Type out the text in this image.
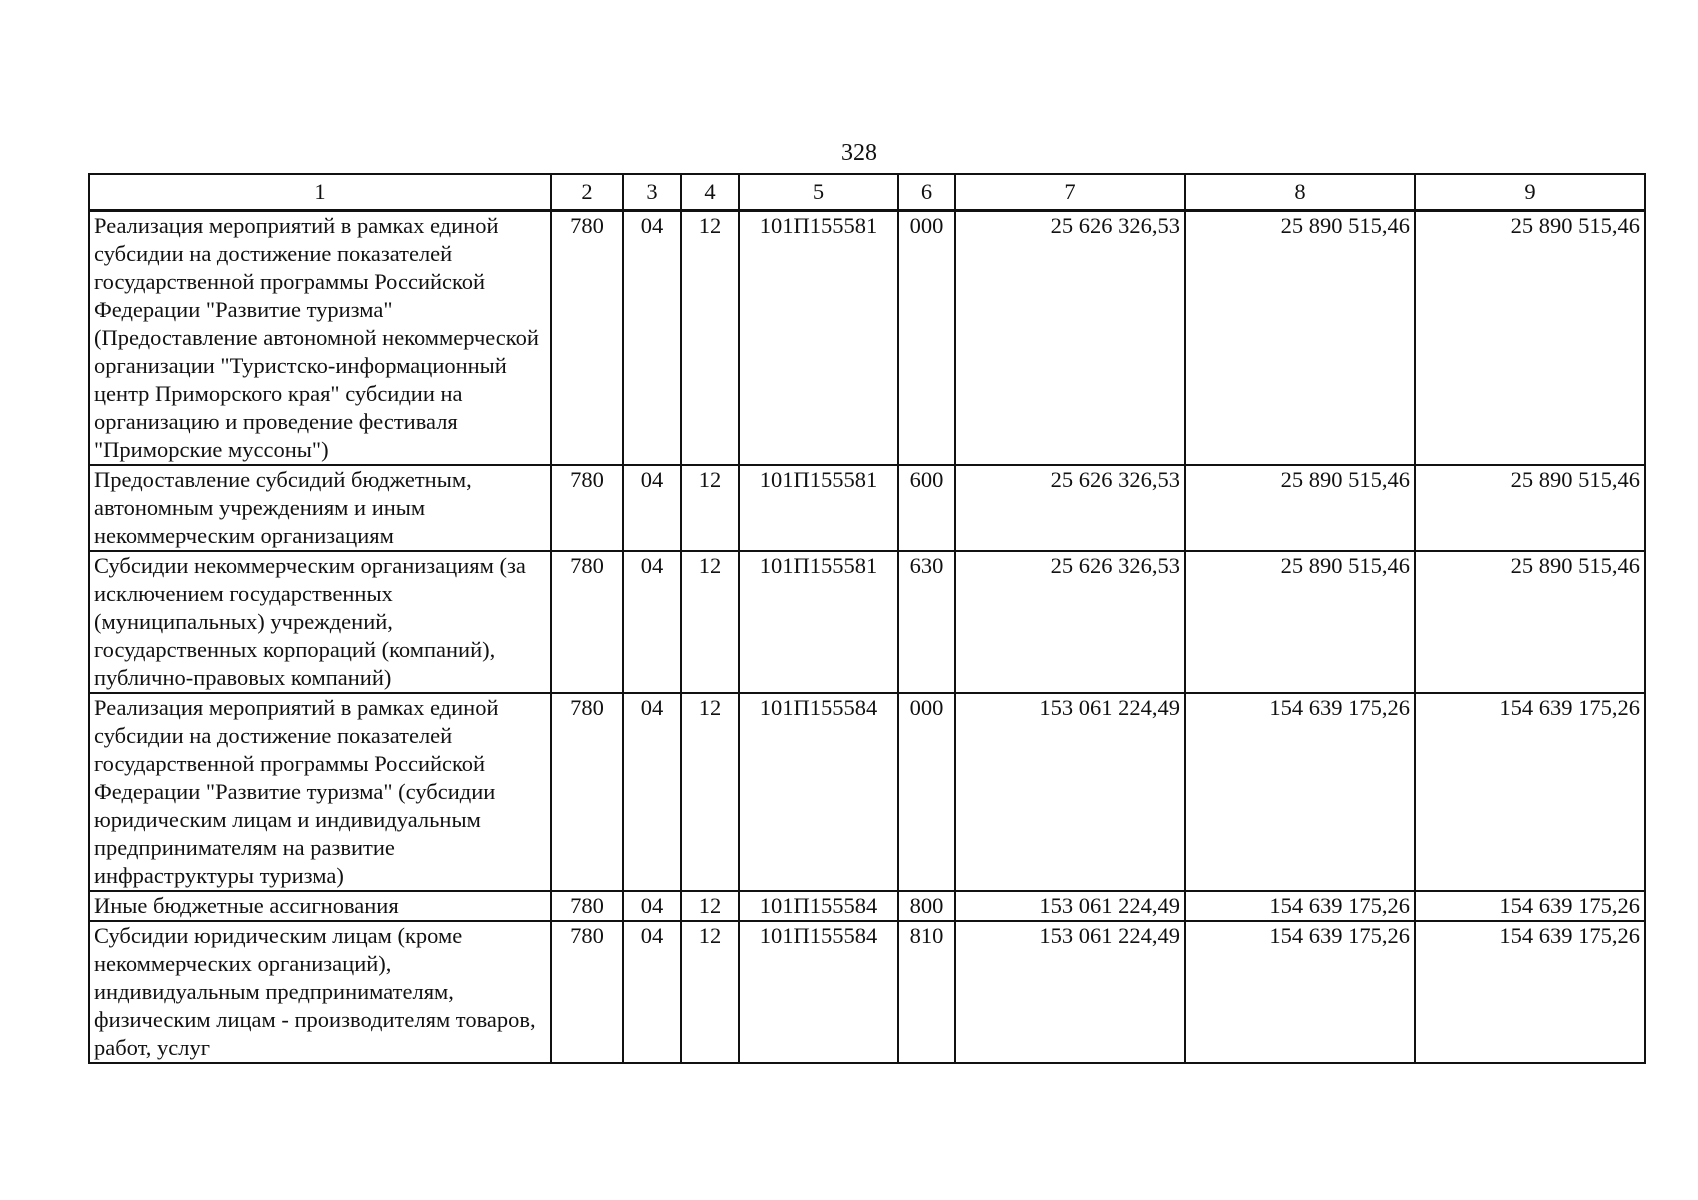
328
1	2	3	4	5	6	7	8	9
Реализация мероприятий в рамках единой субсидии на достижение показателей государственной программы Российской Федерации "Развитие туризма" (Предоставление автономной некоммерческой организации "Туристско-информационный центр Приморского края" субсидии на организацию и проведение фестиваля "Приморские муссоны")	780	04	12	101П155581	000	25 626 326,53	25 890 515,46	25 890 515,46
Предоставление субсидий бюджетным, автономным учреждениям и иным некоммерческим организациям	780	04	12	101П155581	600	25 626 326,53	25 890 515,46	25 890 515,46
Субсидии некоммерческим организациям (за исключением государственных (муниципальных) учреждений, государственных корпораций (компаний), публично-правовых компаний)	780	04	12	101П155581	630	25 626 326,53	25 890 515,46	25 890 515,46
Реализация мероприятий в рамках единой субсидии на достижение показателей государственной программы Российской Федерации "Развитие туризма" (субсидии юридическим лицам и индивидуальным предпринимателям на развитие инфраструктуры туризма)	780	04	12	101П155584	000	153 061 224,49	154 639 175,26	154 639 175,26
Иные бюджетные ассигнования	780	04	12	101П155584	800	153 061 224,49	154 639 175,26	154 639 175,26
Субсидии юридическим лицам (кроме некоммерческих организаций), индивидуальным предпринимателям, физическим лицам - производителям товаров, работ, услуг	780	04	12	101П155584	810	153 061 224,49	154 639 175,26	154 639 175,26
